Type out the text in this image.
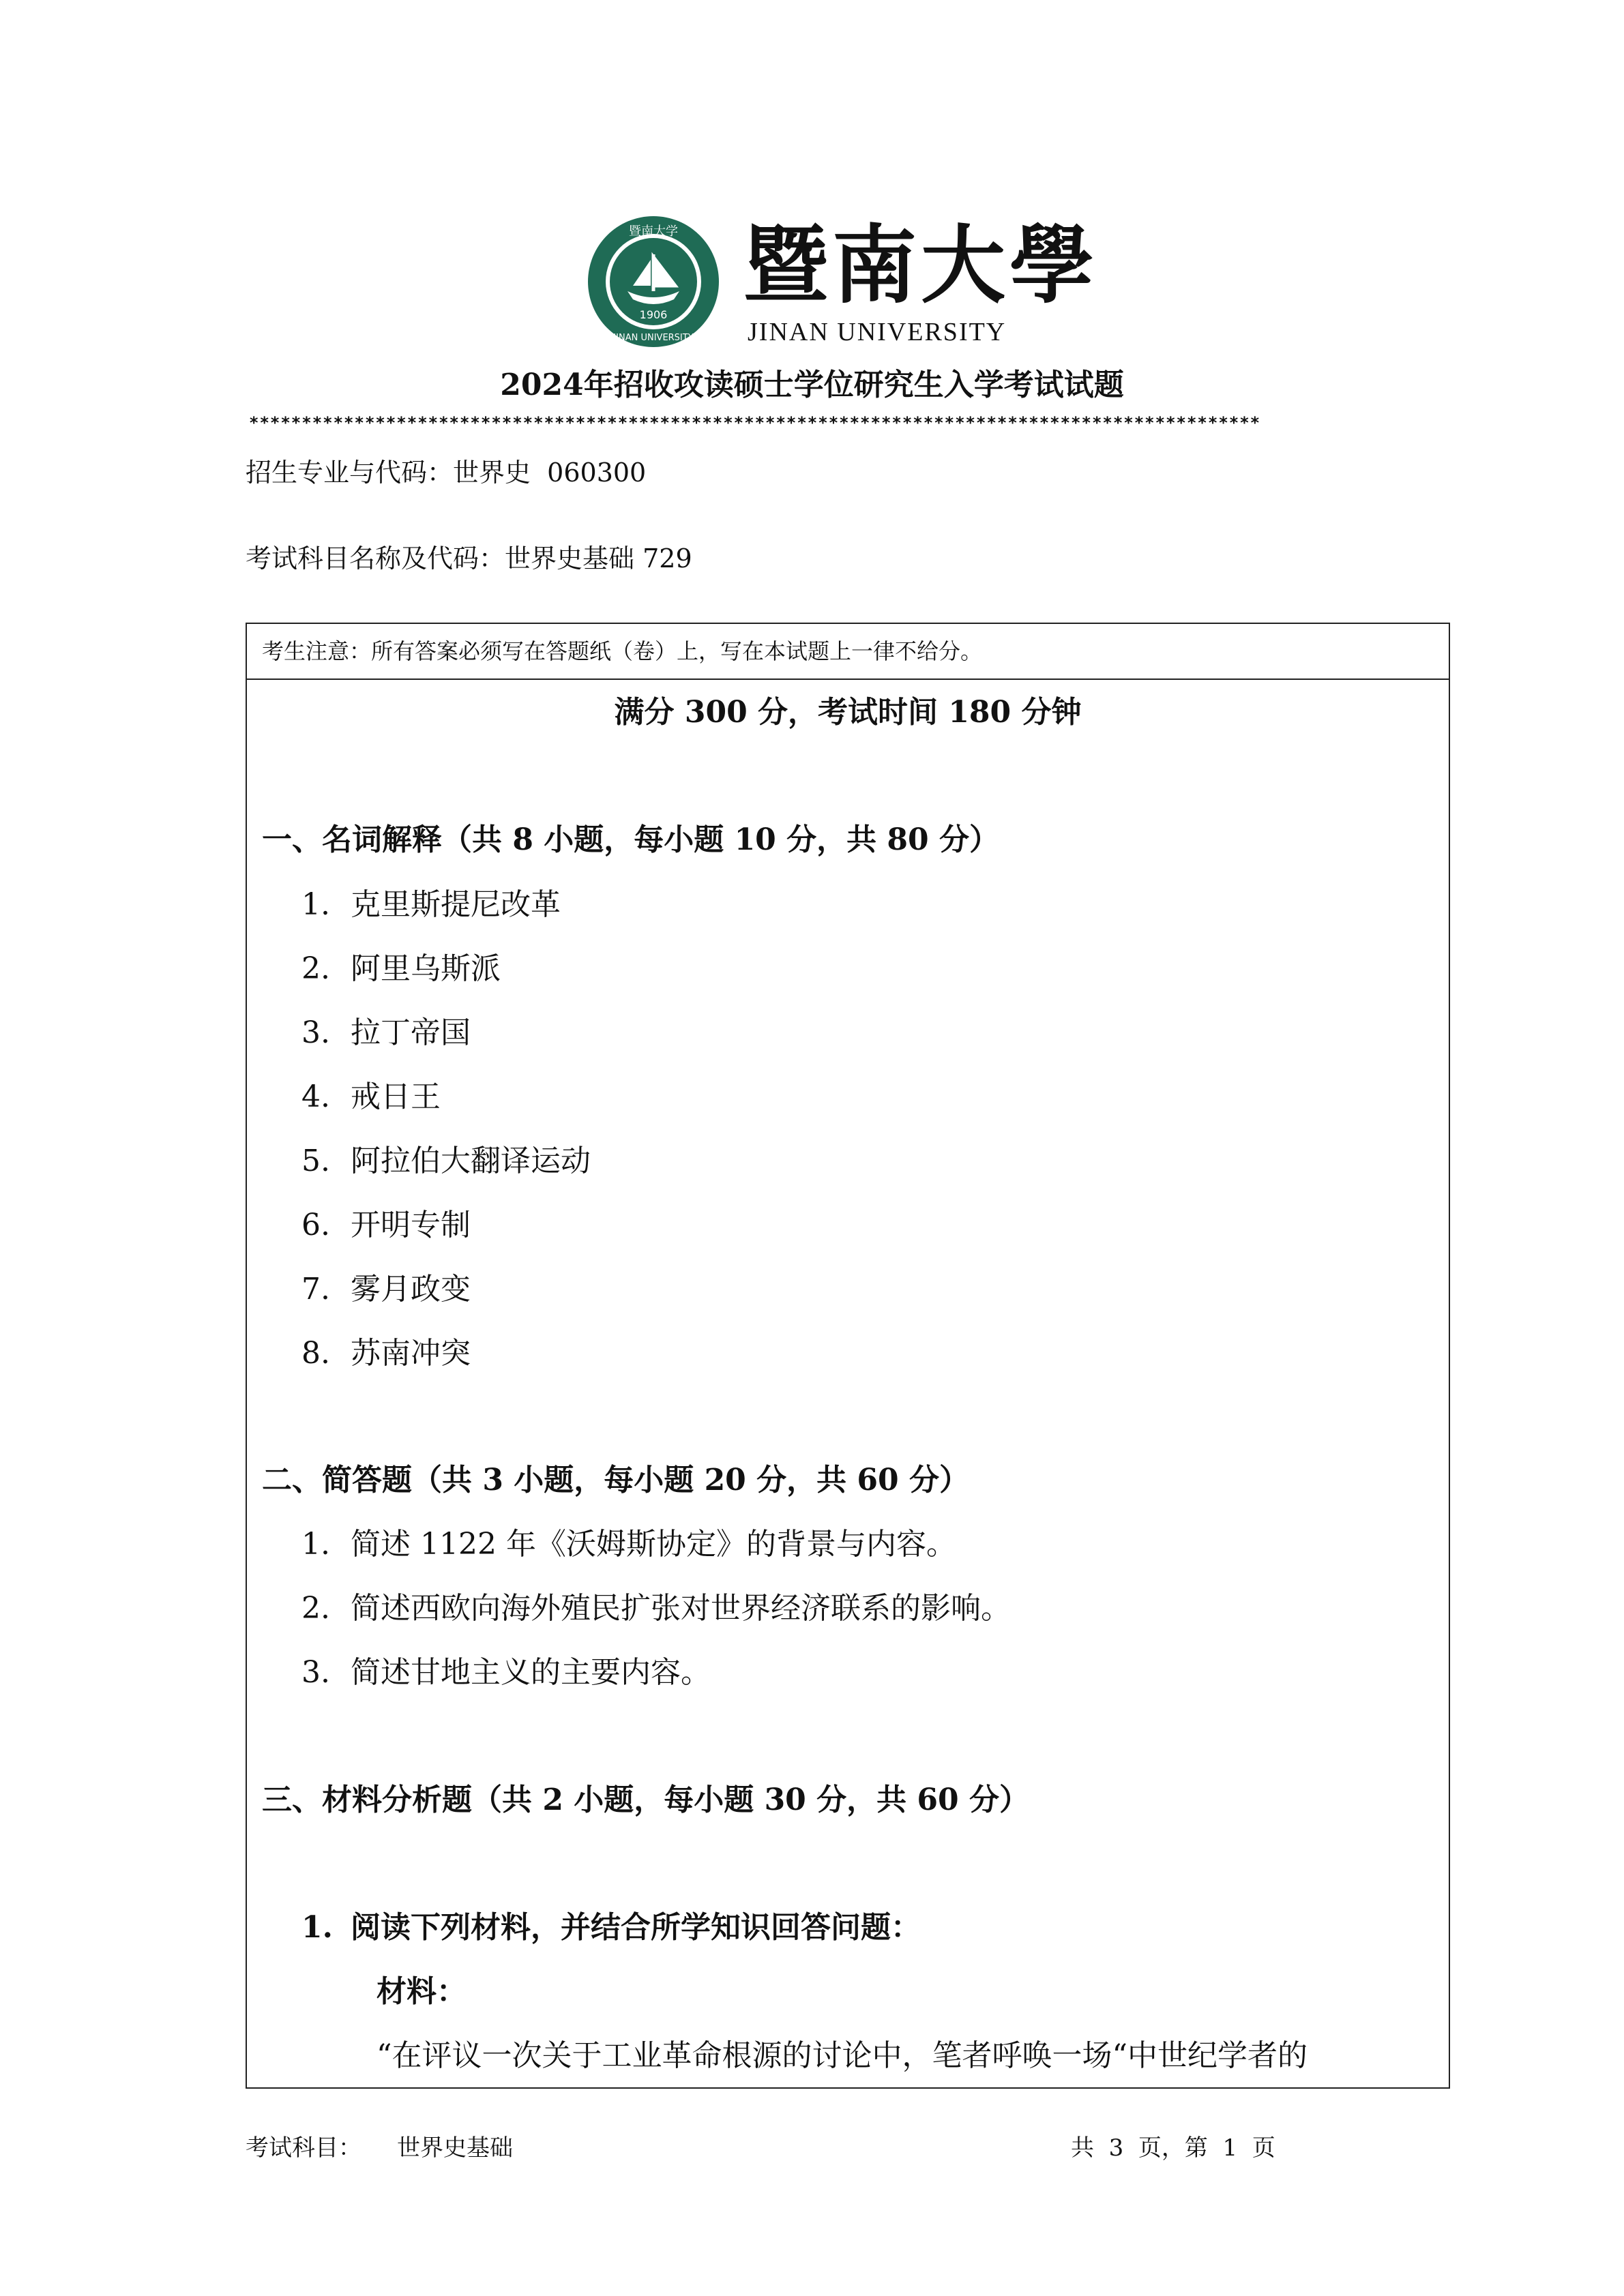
暨南大学
1906
JINAN UNIVERSITY
暨南大學
JINAN UNIVERSITY
2024年招收攻读硕士学位研究生入学考试试题
************************************************************************************************
招生专业与代码：世界史  060300
考试科目名称及代码：世界史基础 729
考生注意：所有答案必须写在答题纸（卷）上，写在本试题上一律不给分。
满分 300 分，考试时间 180 分钟
一、名词解释（共 8 小题，每小题 10 分，共 80 分）
1. 克里斯提尼改革
2. 阿里乌斯派
3. 拉丁帝国
4. 戒日王
5. 阿拉伯大翻译运动
6. 开明专制
7. 雾月政变
8. 苏南冲突
二、简答题（共 3 小题，每小题 20 分，共 60 分）
1. 简述 1122 年《沃姆斯协定》的背景与内容。
2. 简述西欧向海外殖民扩张对世界经济联系的影响。
3. 简述甘地主义的主要内容。
三、材料分析题（共 2 小题，每小题 30 分，共 60 分）
1. 阅读下列材料，并结合所学知识回答问题：
材料：
“在评议一次关于工业革命根源的讨论中，笔者呼唤一场“中世纪学者的
考试科目： 世界史基础	共  3  页，第  1  页
